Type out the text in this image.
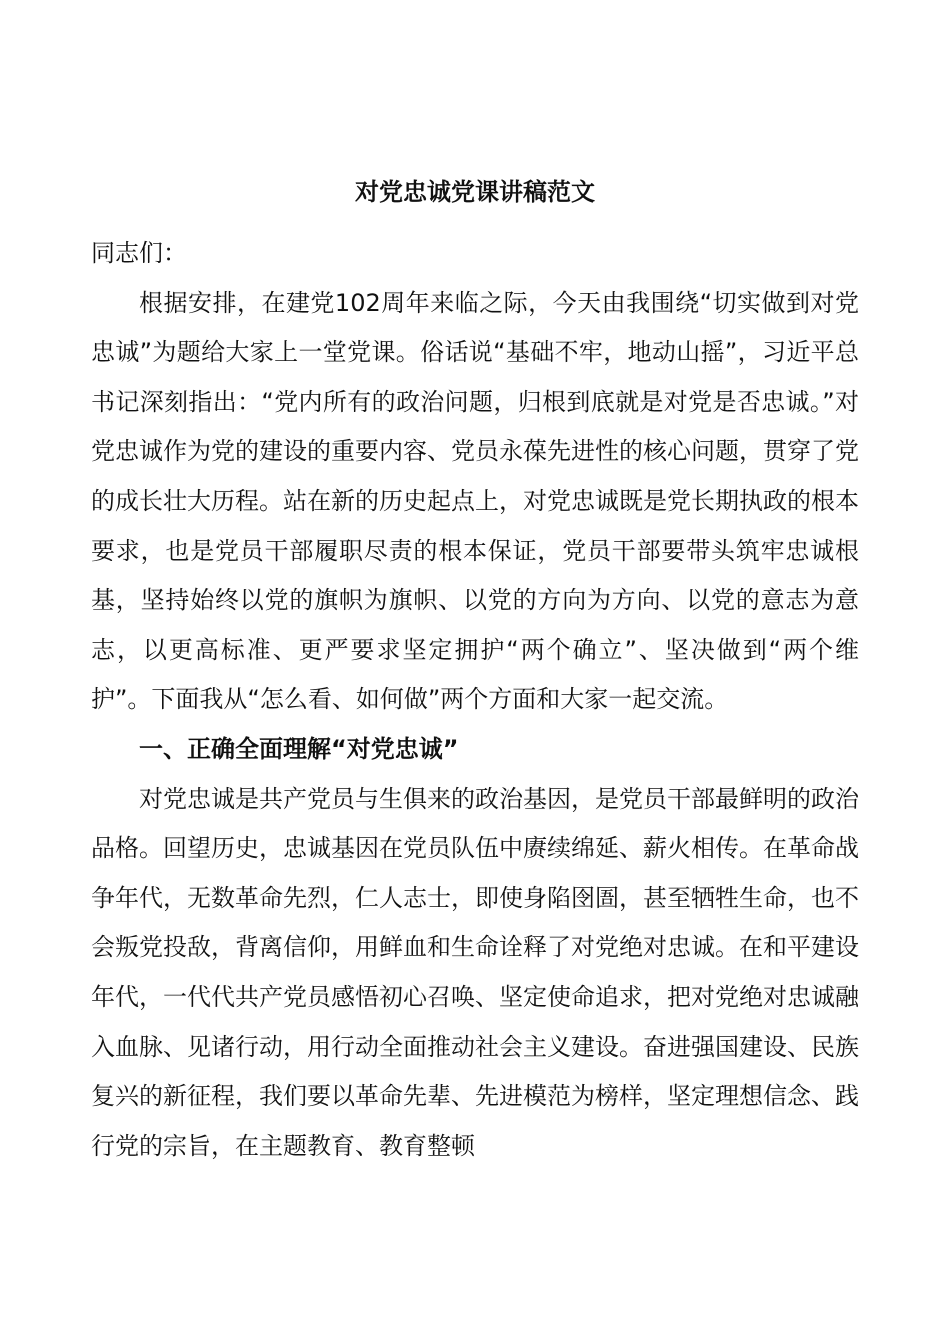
对党忠诚党课讲稿范文

同志们：

根据安排，在建党102周年来临之际，今天由我围绕“切实做到对党忠诚”为题给大家上一堂党课。俗话说“基础不牢，地动山摇”，习近平总书记深刻指出：“党内所有的政治问题，归根到底就是对党是否忠诚。”对党忠诚作为党的建设的重要内容、党员永葆先进性的核心问题，贯穿了党的成长壮大历程。站在新的历史起点上，对党忠诚既是党长期执政的根本要求，也是党员干部履职尽责的根本保证，党员干部要带头筑牢忠诚根基，坚持始终以党的旗帜为旗帜、以党的方向为方向、以党的意志为意志，以更高标准、更严要求坚定拥护“两个确立”、坚决做到“两个维护”。下面我从“怎么看、如何做”两个方面和大家一起交流。

一、正确全面理解“对党忠诚”

对党忠诚是共产党员与生俱来的政治基因，是党员干部最鲜明的政治品格。回望历史，忠诚基因在党员队伍中赓续绵延、薪火相传。在革命战争年代，无数革命先烈，仁人志士，即使身陷囹圄，甚至牺牲生命，也不会叛党投敌，背离信仰，用鲜血和生命诠释了对党绝对忠诚。在和平建设年代，一代代共产党员感悟初心召唤、坚定使命追求，把对党绝对忠诚融入血脉、见诸行动，用行动全面推动社会主义建设。奋进强国建设、民族复兴的新征程，我们要以革命先辈、先进模范为榜样，坚定理想信念、践行党的宗旨，在主题教育、教育整顿
